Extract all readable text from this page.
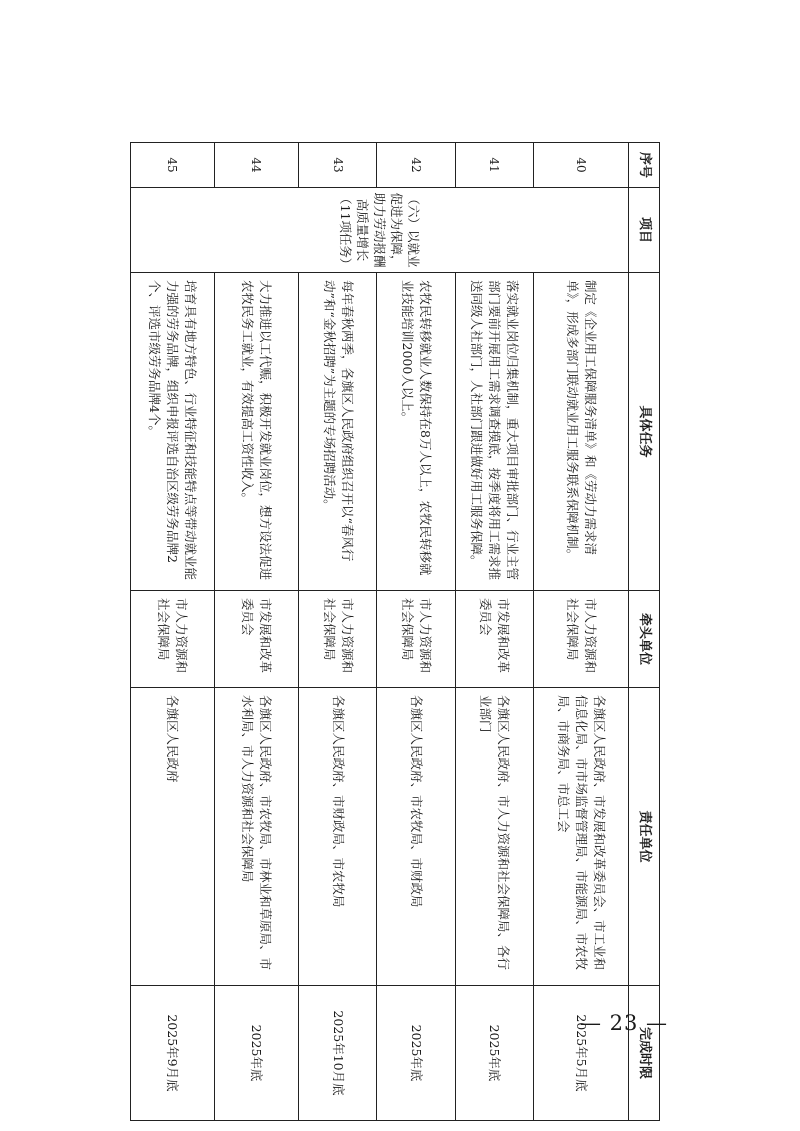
序号	项目	具体任务	牵头单位	责任单位	完成时限
40	（六）以就业促进为保障，助力劳动报酬高质量增长（11项任务）	制定《企业用工保障服务清单》和《劳动力需求清单》，形成多部门联动就业用工服务联系保障机制。	市人力资源和社会保障局	各旗区人民政府、市发展和改革委员会、市工业和信息化局、市市场监督管理局、市能源局、市农牧局、市商务局、市总工会	2025年5月底
41		落实就业岗位归集机制，重大项目审批部门、行业主管部门要前开展用工需求调查摸底，按季度将用工需求推送同级人社部门，人社部门跟进做好用工服务保障。	市发展和改革委员会	各旗区人民政府、市人力资源和社会保障局、各行业部门	2025年底
42		农牧民转移就业人数保持在8万人以上，农牧民转移就业技能培训2000人以上。	市人力资源和社会保障局	各旗区人民政府、市农牧局、市财政局	2025年底
43		每年春秋两季，各旗区人民政府组织召开以“春风行动”和“金秋招聘”为主题的专场招聘活动。	市人力资源和社会保障局	各旗区人民政府、市财政局、市农牧局	2025年10月底
44		大力推进以工代赈，积极开发就业岗位，想方设法促进农牧民务工就业，有效提高工资性收入。	市发展和改革委员会	各旗区人民政府、市农牧局、市林业和草原局、市水利局、市人力资源和社会保障局	2025年底
45		培育具有地方特色、行业特征和技能特点等带动就业能力强的劳务品牌，组织申报评选自治区级劳务品牌2个、评选市级劳务品牌4个。	市人力资源和社会保障局	各旗区人民政府	2025年9月底	— 23 —
